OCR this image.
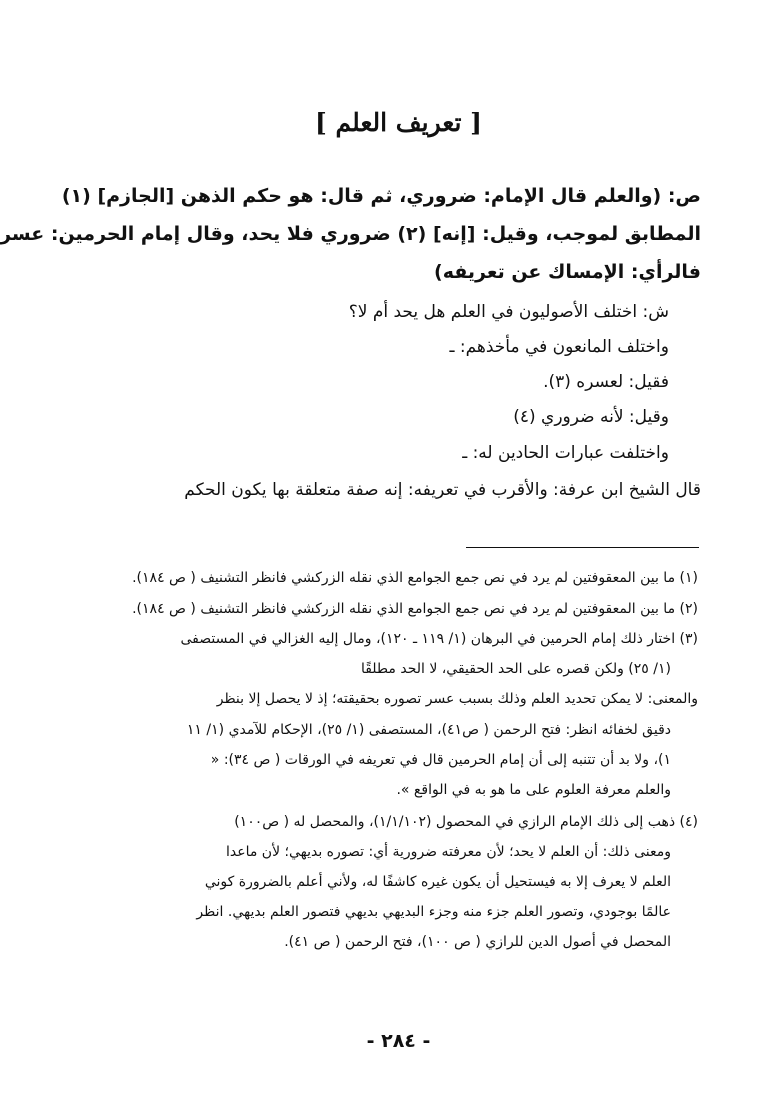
[ تعريف العلم ]
ص: (والعلم قال الإمام: ضروري، ثم قال: هو حكم الذهن [الجازم] (١)
المطابق لموجب، وقيل: [إنه] (٢) ضروري فلا يحد، وقال إمام الحرمين: عسر
فالرأي: الإمساك عن تعريفه)
ش: اختلف الأصوليون في العلم هل يحد أم لا؟
واختلف المانعون في مأخذهم: ـ
فقيل: لعسره (٣).
وقيل: لأنه ضروري (٤)
واختلفت عبارات الحادين له: ـ
قال الشيخ ابن عرفة: والأقرب في تعريفه: إنه صفة متعلقة بها يكون الحكم
(١) ما بين المعقوفتين لم يرد في نص جمع الجوامع الذي نقله الزركشي فانظر التشنيف ( ص ١٨٤).
(٢) ما بين المعقوفتين لم يرد في نص جمع الجوامع الذي نقله الزركشي فانظر التشنيف ( ص ١٨٤).
(٣) اختار ذلك إمام الحرمين في البرهان (١/ ١١٩ ـ ١٢٠)، ومال إليه الغزالي في المستصفى
(١/ ٢٥) ولكن قصره على الحد الحقيقي، لا الحد مطلقًا
والمعنى: لا يمكن تحديد العلم وذلك بسبب عسر تصوره بحقيقته؛ إذ لا يحصل إلا بنظر
دقيق لخفائه انظر: فتح الرحمن ( ص٤١)، المستصفى (١/ ٢٥)، الإحكام للآمدي (١/ ١١
١)، ولا بد أن تتنبه إلى أن إمام الحرمين قال في تعريفه في الورقات ( ص ٣٤): «
والعلم معرفة العلوم على ما هو به في الواقع ».
(٤) ذهب إلى ذلك الإمام الرازي في المحصول (١/١/١٠٢)، والمحصل له ( ص١٠٠)
ومعنى ذلك: أن العلم لا يحد؛ لأن معرفته ضرورية أي: تصوره بديهي؛ لأن ماعدا
العلم لا يعرف إلا به فيستحيل أن يكون غيره كاشفًا له، ولأني أعلم بالضرورة كوني
عالمًا بوجودي، وتصور العلم جزء منه وجزء البديهي بديهي فتصور العلم بديهي. انظر
المحصل في أصول الدين للرازي ( ص ١٠٠)، فتح الرحمن ( ص ٤١).
- ٢٨٤ -
